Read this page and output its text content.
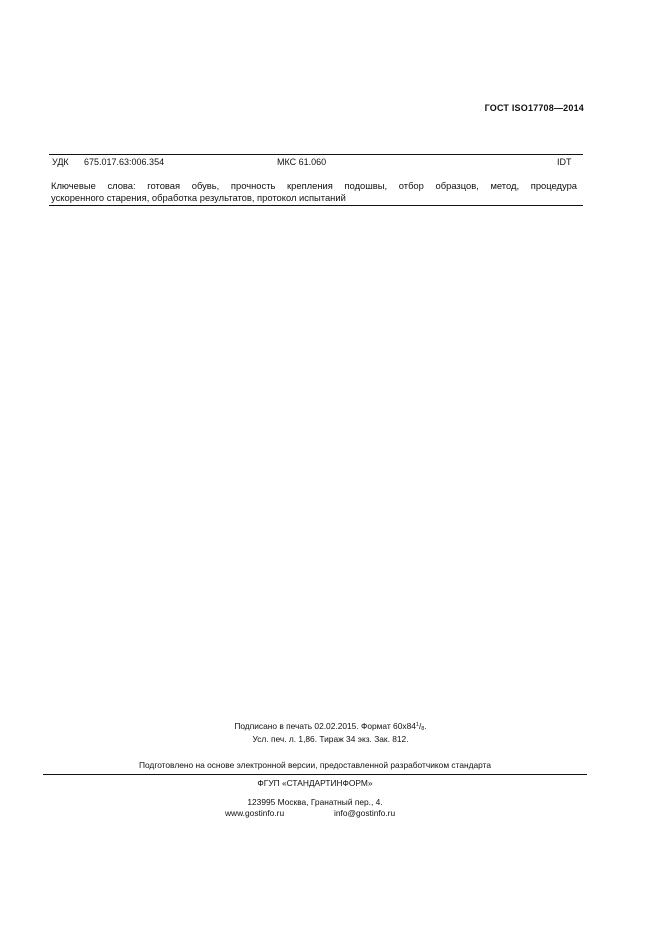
ГОСТ ISO17708—2014
УДК 675.017.63:006.354	МКС 61.060	IDT
Ключевые слова: готовая обувь, прочность крепления подошвы, отбор образцов, метод, процедура
ускоренного старения, обработка результатов, протокол испытаний
Подписано в печать 02.02.2015. Формат $60х84^1/_8$.
Усл. печ. л. 1,86. Тираж 34 экз. Зак. 812.
Подготовлено на основе электронной версии, предоставленной разработчиком стандарта
ФГУП «СТАНДАРТИНФОРМ»
123995 Москва, Гранатный пер., 4.
www.gostinfo.ru	info@gostinfo.ru
